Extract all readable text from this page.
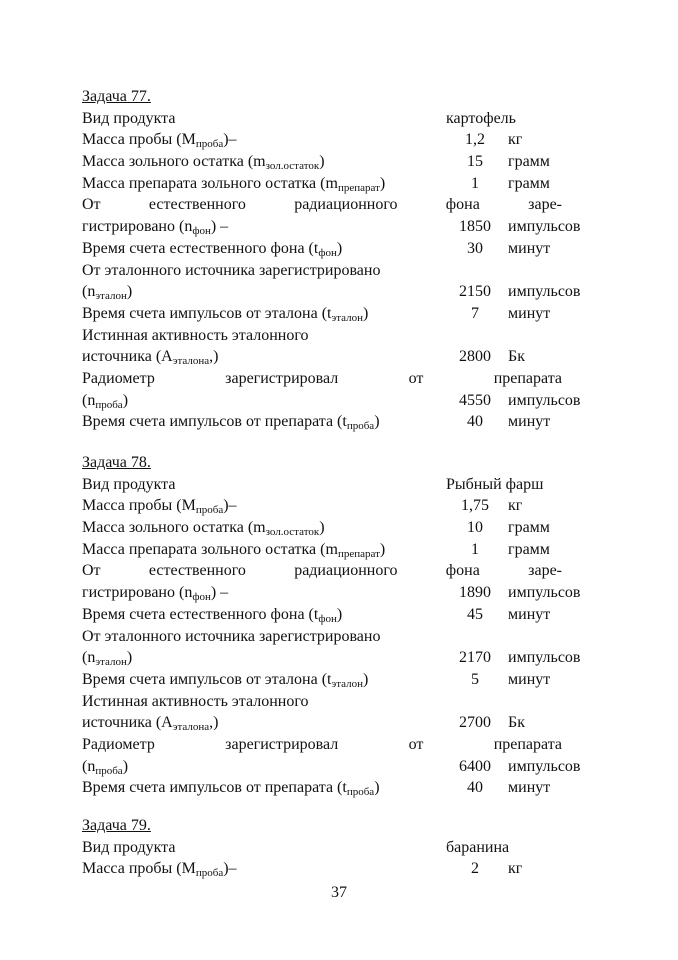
Задача 77.
Вид продукта	картофель
Масса пробы $(M_{проба})-$	1,2	кг
Масса зольного остатка $(m_{зол.остаток})$	15	грамм
Масса препарата зольного остатка $(m_{препарат})$	1	грамм
От естественного радиационного фона заре-
гистрировано $(n_{фон})$ –	1850	импульсов
Время счета естественного фона $(t_{фон})$	30	минут
От эталонного источника зарегистрировано
$(n_{эталон})$	2150	импульсов
Время счета импульсов от эталона $(t_{эталон})$	7	минут
Истинная активность эталонного
источника $(A_{эталона},)$	2800	Бк
Радиометр зарегистрировал от препарата
$(n_{проба})$	4550	импульсов
Время счета импульсов от препарата $(t_{проба})$	40	минут
Задача 78.
Вид продукта	Рыбный фарш
Масса пробы $(M_{проба})-$	1,75	кг
Масса зольного остатка $(m_{зол.остаток})$	10	грамм
Масса препарата зольного остатка $(m_{препарат})$	1	грамм
От естественного радиационного фона заре-
гистрировано $(n_{фон})$ –	1890	импульсов
Время счета естественного фона $(t_{фон})$	45	минут
От эталонного источника зарегистрировано
$(n_{эталон})$	2170	импульсов
Время счета импульсов от эталона $(t_{эталон})$	5	минут
Истинная активность эталонного
источника $(A_{эталона},)$	2700	Бк
Радиометр зарегистрировал от препарата
$(n_{проба})$	6400	импульсов
Время счета импульсов от препарата $(t_{проба})$	40	минут
Задача 79.
Вид продукта	баранина
Масса пробы $(M_{проба})-$	2	кг
37
